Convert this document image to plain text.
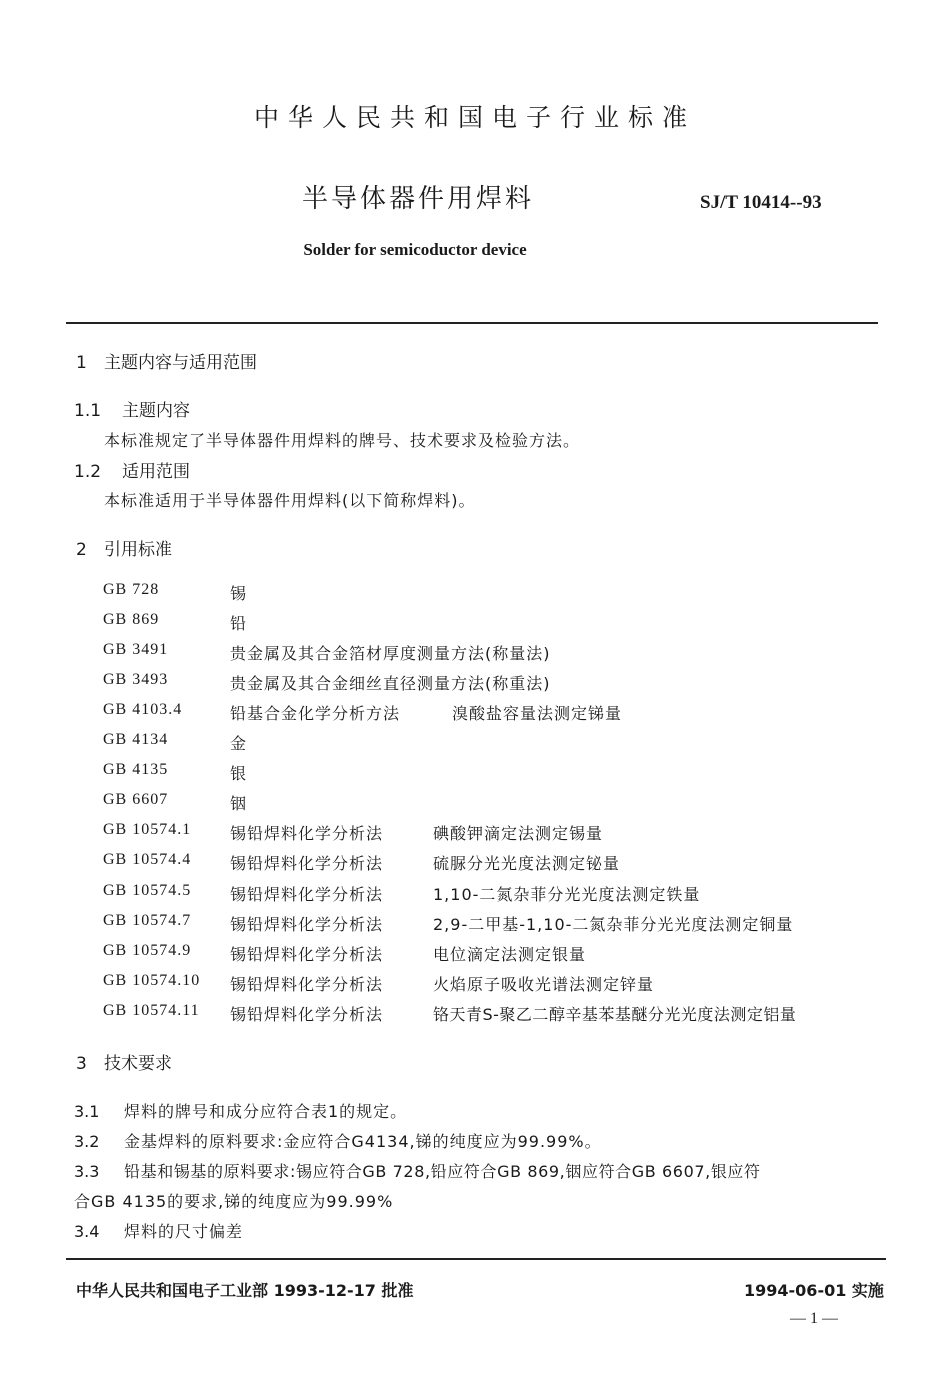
中华人民共和国电子行业标准
半导体器件用焊料	SJ/T 10414--93
Solder for semicoductor device
1 主题内容与适用范围
1.1 主题内容
本标准规定了半导体器件用焊料的牌号、技术要求及检验方法。
1.2 适用范围
本标准适用于半导体器件用焊料(以下简称焊料)。
2 引用标准
GB 728	锡
GB 869	铅
GB 3491	贵金属及其合金箔材厚度测量方法(称量法)
GB 3493	贵金属及其合金细丝直径测量方法(称重法)
GB 4103.4	铅基合金化学分析方法	溴酸盐容量法测定锑量
GB 4134	金
GB 4135	银
GB 6607	铟
GB 10574.1 锡铅焊料化学分析法	碘酸钾滴定法测定锡量
GB 10574.4 锡铅焊料化学分析法	硫脲分光光度法测定铋量
GB 10574.5 锡铅焊料化学分析法	1,10-二氮杂菲分光光度法测定铁量
GB 10574.7 锡铅焊料化学分析法	2,9-二甲基-1,10-二氮杂菲分光光度法测定铜量
GB 10574.9 锡铅焊料化学分析法	电位滴定法测定银量
GB 10574.10 锡铅焊料化学分析法	火焰原子吸收光谱法测定锌量
GB 10574.11 锡铅焊料化学分析法	铬天青S-聚乙二醇辛基苯基醚分光光度法测定铝量
3 技术要求
3.1 焊料的牌号和成分应符合表1的规定。
3.2 金基焊料的原料要求:金应符合G4134,锑的纯度应为99.99%。
3.3 铅基和锡基的原料要求:锡应符合GB 728,铅应符合GB 869,铟应符合GB 6607,银应符
合GB 4135的要求,锑的纯度应为99.99%
3.4 焊料的尺寸偏差
中华人民共和国电子工业部 1993-12-17 批准	1994-06-01 实施
— 1 —
